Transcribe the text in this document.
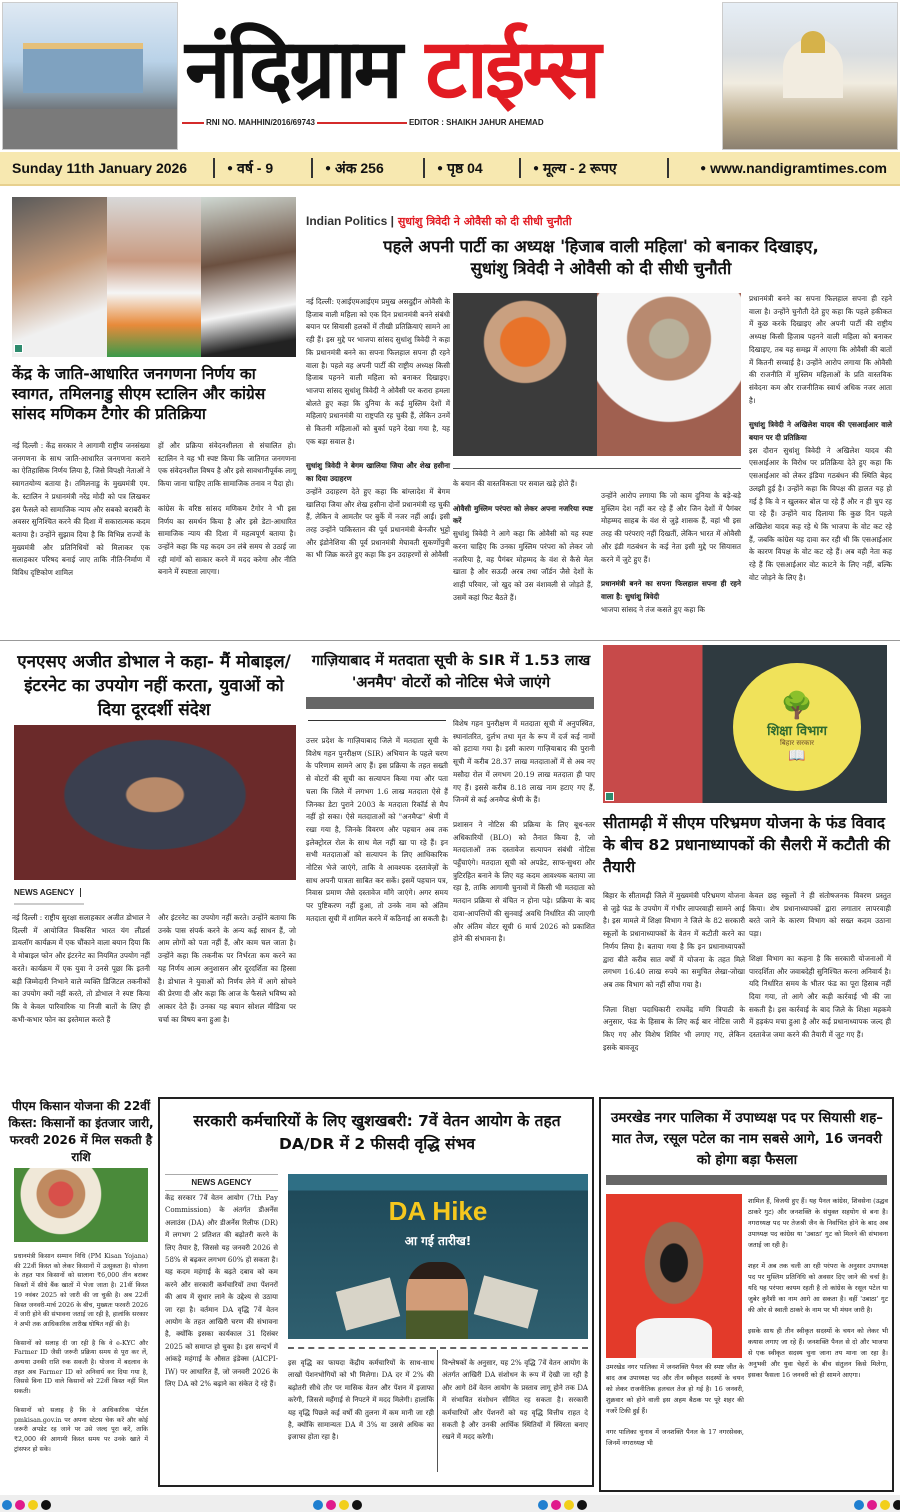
नंदिग्राम टाईम्स
RNI NO. MAHHIN/2016/69743	EDITOR : SHAIKH JAHUR AHEMAD
Sunday 11th January 2026	● वर्ष - 9	● अंक 256	● पृष्ठ 04	● मूल्य - 2 रूपए	● www.nandigramtimes.com
केंद्र के जाति-आधारित जनगणना निर्णय का स्वागत, तमिलनाडु सीएम स्टालिन और कांग्रेस सांसद मणिकम टैगोर की प्रतिक्रिया

नई दिल्ली : केंद्र सरकार ने आगामी राष्ट्रीय जनसंख्या जनगणना के साथ जाति-आधारित जनगणना कराने का ऐतिहासिक निर्णय लिया है, जिसे विपक्षी नेताओं ने स्वागतयोग्य बताया है। तमिलनाडु के मुख्यमंत्री एम. के. स्टालिन ने प्रधानमंत्री नरेंद्र मोदी को पत्र लिखकर इस फैसले को सामाजिक न्याय और सबको बराबरी के अवसर सुनिश्चित करने की दिशा में सकारात्मक कदम बताया है। उन्होंने सुझाव दिया है कि विभिन्न राज्यों के मुख्यमंत्री और प्रतिनिधियों को मिलाकर एक सलाहकार परिषद बनाई जाए ताकि नीति-निर्माण में विविध दृष्टिकोण शामिल

हों और प्रक्रिया संवेदनशीलता से संचालित हो। स्टालिन ने यह भी स्पष्ट किया कि जातिगत जनगणना एक संवेदनशील विषय है और इसे सावधानीपूर्वक लागू किया जाना चाहिए ताकि सामाजिक तनाव न पैदा हो।

कांग्रेस के वरिष्ठ सांसद मणिकम टैगोर ने भी इस निर्णय का समर्थन किया है और इसे डेटा-आधारित सामाजिक न्याय की दिशा में महत्वपूर्ण बताया है। उन्होंने कहा कि यह कदम उन लंबे समय से उठाई जा रही मांगों को साकार करने में मदद करेगा और नीति बनाने में स्पष्टता लाएगा।

Indian Politics | सुधांशु त्रिवेदी ने ओवैसी को दी सीधी चुनौती
पहले अपनी पार्टी का अध्यक्ष 'हिजाब वाली महिला' को बनाकर दिखाइए,
सुधांशु त्रिवेदी ने ओवैसी को दी सीधी चुनौती

नई दिल्ली: एआईएमआईएम प्रमुख असदुद्दीन ओवैसी के हिजाब वाली महिला को एक दिन प्रधानमंत्री बनने संबंधी बयान पर सियासी हलकों में तीखी प्रतिक्रियाएं सामने आ रही हैं। इस मुद्दे पर भाजपा सांसद सुधांशु त्रिवेदी ने कहा कि प्रधानमंत्री बनने का सपना फिलहाल सपना ही रहने वाला है। पहले वह अपनी पार्टी की राष्ट्रीय अध्यक्ष किसी हिजाब पहनने वाली महिला को बनाकर दिखाइए। भाजपा सांसद सुधांशु त्रिवेदी ने ओवैसी पर करारा हमला बोलते हुए कहा कि दुनिया के कई मुस्लिम देशों में महिलाएं प्रधानमंत्री या राष्ट्रपति रह चुकी हैं, लेकिन उनमें से कितनी महिलाओं को बुर्का पहने देखा गया है, यह एक बड़ा सवाल है।

सुधांशु त्रिवेदी ने बेगम खालिया जिया और शेख हसीना का दिया उदाहरण

उन्होंने उदाहरण देते हुए कहा कि बांग्लादेश में बेगम खालिदा जिया और शेख हसीना दोनों प्रधानमंत्री रह चुकी हैं, लेकिन वे आमतौर पर बुर्के में नजर नहीं आईं। इसी तरह उन्होंने पाकिस्तान की पूर्व प्रधानमंत्री बेनजीर भुट्टो और इंडोनेशिया की पूर्व प्रधानमंत्री मेघावती सुकर्णोपुत्री का भी जिक्र करते हुए कहा कि इन उदाहरणों से ओवैसी

के बयान की वास्तविकता पर सवाल खड़े होते हैं।

ओवैसी मुस्लिम परंपरा को लेकर अपना नजरिया स्पष्ट करें

सुधांशु त्रिवेदी ने आगे कहा कि ओवैसी को यह स्पष्ट करना चाहिए कि उनका मुस्लिम परंपरा को लेकर जो नजरिया है, वह पैगंबर मोहम्मद के वंश से कैसे मेल खाता है और सऊदी अरब तथा जॉर्डन जैसे देशों के शाही परिवार, जो खुद को उस वंशावली से जोड़ते हैं, उसमें कहां फिट बैठते हैं।

उन्होंने आरोप लगाया कि जो काम दुनिया के बड़े-बड़े मुस्लिम देश नहीं कर रहे हैं और जिन देशों में पैगंबर मोहम्मद साहब के वंश से जुड़े शासक हैं, वहां भी इस तरह की परंपराएं नहीं दिखतीं, लेकिन भारत में ओवैसी और इंडी गठबंधन के कई नेता इसी मुद्दे पर सियासत करने में जुटे हुए हैं।

प्रधानमंत्री बनने का सपना फिलहाल सपना ही रहने वाला है: सुधांशु त्रिवेदी

भाजपा सांसद ने तंज कसते हुए कहा कि

प्रधानमंत्री बनने का सपना फिलहाल सपना ही रहने वाला है। उन्होंने चुनौती देते हुए कहा कि पहले हकीकत में कुछ करके दिखाइए और अपनी पार्टी की राष्ट्रीय अध्यक्ष किसी हिजाब पहनने वाली महिला को बनाकर दिखाइए, तब यह समझ में आएगा कि ओवैसी की बातों में कितनी सच्चाई है। उन्होंने आरोप लगाया कि ओवैसी की राजनीति में मुस्लिम महिलाओं के प्रति वास्तविक संवेदना कम और राजनीतिक स्वार्थ अधिक नजर आता है।

सुधांशु त्रिवेदी ने अखिलेश यादव की एसआईआर वाले बयान पर दी प्रतिक्रिया

इस दौरान सुधांशु त्रिवेदी ने अखिलेश यादव की एसआईआर के विरोध पर प्रतिक्रिया देते हुए कहा कि एसआईआर को लेकर इंडिया गठबंधन की स्थिति बेहद उलझी हुई है। उन्होंने कहा कि विपक्ष की हालत यह हो गई है कि वे न खुलकर बोल पा रहे हैं और न ही चुप रह पा रहे हैं। उन्होंने याद दिलाया कि कुछ दिन पहले अखिलेश यादव कह रहे थे कि भाजपा के वोट कट रहे हैं, जबकि कांग्रेस यह दावा कर रही थी कि एसआईआर के कारण विपक्ष के वोट कट रहे हैं। अब वही नेता कह रहे हैं कि एसआईआर वोट काटने के लिए नहीं, बल्कि वोट जोड़ने के लिए है।

एनएसए अजीत डोभाल ने कहा- मैं मोबाइल/इंटरनेट का उपयोग नहीं करता, युवाओं को दिया दूरदर्शी संदेश
NEWS AGENCY

नई दिल्ली : राष्ट्रीय सुरक्षा सलाहकार अजीत डोभाल ने दिल्ली में आयोजित विकसित भारत यंग लीडर्स डायलॉग कार्यक्रम में एक चौंकाने वाला बयान दिया कि वे मोबाइल फोन और इंटरनेट का नियमित उपयोग नहीं करते। कार्यक्रम में एक युवा ने उनसे पूछा कि इतनी बड़ी जिम्मेदारी निभाने वाले व्यक्ति डिजिटल तकनीकों का उपयोग क्यों नहीं करते, तो डोभाल ने स्पष्ट किया कि वे केवल पारिवारिक या निजी बातों के लिए ही कभी-कभार फोन का इस्तेमाल करते हैं

और इंटरनेट का उपयोग नहीं करते। उन्होंने बताया कि उनके पास संपर्क करने के अन्य कई साधन हैं, जो आम लोगों को पता नहीं हैं, और काम चल जाता है। उन्होंने कहा कि तकनीक पर निर्भरता कम करने का यह निर्णय आत्म अनुशासन और दूरदर्शिता का हिस्सा है। डोभाल ने युवाओं को निर्णय लेने में आगे सोचने की प्रेरणा दी और कहा कि आज के फैसले भविष्य को आकार देते हैं। उनका यह बयान सोशल मीडिया पर चर्चा का विषय बना हुआ है।

गाज़ियाबाद में मतदाता सूची के SIR में 1.53 लाख 'अनमैप' वोटरों को नोटिस भेजे जाएंगे

उत्तर प्रदेश के गाज़ियाबाद जिले में मतदाता सूची के विशेष गहन पुनरीक्षण (SIR) अभियान के पहले चरण के परिणाम सामने आए हैं। इस प्रक्रिया के तहत सख्ती से वोटरों की सूची का सत्यापन किया गया और पता चला कि जिले में लगभग 1.6 लाख मतदाता ऐसे हैं जिनका डेटा पुराने 2003 के मतदाता रिकॉर्ड से मैप नहीं हो सका। ऐसे मतदाताओं को "अनमैप्ड" श्रेणी में रखा गया है, जिनके विवरण और पहचान अब तक इलेक्ट्रोरल रोल के साथ मेल नहीं खा पा रहे हैं। इन सभी मतदाताओं को सत्यापन के लिए आधिकारिक नोटिस भेजे जाएंगे, ताकि वे आवश्यक दस्तावेज़ों के साथ अपनी पात्रता साबित कर सकें। इसमें पहचान पत्र, निवास प्रमाण जैसे दस्तावेज माँगे जाएंगे। अगर समय पर पुष्टिकरण नहीं हुआ, तो उनके नाम को अंतिम मतदाता सूची में शामिल करने में कठिनाई आ सकती है।

विशेष गहन पुनरीक्षण में मतदाता सूची में अनुपस्थित, स्थानांतरित, दुर्लभ तथा मृत के रूप में दर्ज कई नामों को हटाया गया है। इसी कारण गाज़ियाबाद की पुरानी सूची में करीब 28.37 लाख मतदाताओं में से अब नए मसौदा रोल में लगभग 20.19 लाख मतदाता ही पाए गए हैं। इससे करीब 8.18 लाख नाम हटाए गए हैं, जिनमें से कई अनमैप्ड श्रेणी के हैं।

प्रशासन ने नोटिस की प्रक्रिया के लिए बूथ-स्तर अधिकारियों (BLO) को तैनात किया है, जो मतदाताओं तक दस्तावेज सत्यापन संबंधी नोटिस पहुँचाएंगे। मतदाता सूची को अपडेट, साफ-सुथरा और त्रुटिरहित बनाने के लिए यह कदम आवश्यक बताया जा रहा है, ताकि आगामी चुनावों में किसी भी मतदाता को मतदान प्रक्रिया से वंचित न होना पड़े। प्रक्रिया के बाद दावा-आपत्तियों की सुनवाई अवधि निर्धारित की जाएगी और अंतिम वोटर सूची 6 मार्च 2026 को प्रकाशित होने की संभावना है।

🌳
शिक्षा विभाग
बिहार सरकार
📖
सीतामढ़ी में सीएम परिभ्रमण योजना के फंड विवाद के बीच 82 प्रधानाध्यापकों की सैलरी में कटौती की तैयारी

बिहार के सीतामढ़ी जिले में मुख्यमंत्री परिभ्रमण योजना से जुड़े फंड के उपयोग में गंभीर लापरवाही सामने आई है। इस मामले में शिक्षा विभाग ने जिले के 82 सरकारी स्कूलों के प्रधानाध्यापकों के वेतन में कटौती करने का निर्णय लिया है। बताया गया है कि इन प्रधानाध्यापकों द्वारा बीते करीब सात वर्षों में योजना के तहत मिले लगभग 16.40 लाख रुपये का समुचित लेखा-जोखा अब तक विभाग को नहीं सौंपा गया है।

जिला शिक्षा पदाधिकारी राघवेंद्र मणि त्रिपाठी के अनुसार, फंड के हिसाब के लिए कई बार नोटिस जारी किए गए और विशेष शिविर भी लगाए गए, लेकिन इसके बावजूद

केवल छह स्कूलों ने ही संतोषजनक विवरण प्रस्तुत किया। शेष प्रधानाध्यापकों द्वारा लगातार लापरवाही बरते जाने के कारण विभाग को सख्त कदम उठाना पड़ा।

शिक्षा विभाग का कहना है कि सरकारी योजनाओं में पारदर्शिता और जवाबदेही सुनिश्चित करना अनिवार्य है। यदि निर्धारित समय के भीतर फंड का पूरा हिसाब नहीं दिया गया, तो आगे और कड़ी कार्रवाई भी की जा सकती है। इस कार्रवाई के बाद जिले के शिक्षा महकमे में हड़कंप मचा हुआ है और कई प्रधानाध्यापक जल्द ही दस्तावेज जमा करने की तैयारी में जुट गए हैं।

पीएम किसान योजना की 22वीं किस्त: किसानों का इंतजार जारी, फरवरी 2026 में मिल सकती है राशि

प्रधानमंत्री किसान सम्मान निधि (PM Kisan Yojana) की 22वीं किस्त को लेकर किसानों में उत्सुकता है। योजना के तहत पात्र किसानों को सालाना ₹6,000 तीन बराबर किस्तों में सीधे बैंक खातों में भेजा जाता है। 21वीं किस्त 19 नवंबर 2025 को जारी की जा चुकी है। अब 22वीं किस्त जनवरी-मार्च 2026 के बीच, मुख्यतः फरवरी 2026 में जारी होने की संभावना जताई जा रही है, हालांकि सरकार ने अभी तक आधिकारिक तारीख घोषित नहीं की है।

किसानों को सलाह दी जा रही है कि वे e-KYC और Farmer ID जैसी जरूरी प्रक्रिया समय से पूरा कर लें, अन्यथा उनकी राशि रुक सकती है। योजना में बदलाव के तहत अब Farmer ID को अनिवार्य कर दिया गया है, जिससे बिना ID वाले किसानों को 22वीं किस्त नहीं मिल सकती।

किसानों को सलाह है कि वे आधिकारिक पोर्टल pmkisan.gov.in पर अपना स्टेटस चेक करें और कोई जरूरी अपडेट रह जाने पर उसे जल्द पूरा करें, ताकि ₹2,000 की आगामी किस्त समय पर उनके खाते में ट्रांसफर हो सके।

सरकारी कर्मचारियों के लिए खुशखबरी: 7वें वेतन आयोग के तहत DA/DR में 2 फीसदी वृद्धि संभव
NEWS AGENCY

केंद्र सरकार 7वें वेतन आयोग (7th Pay Commission) के अंतर्गत डीअर्नेस अलाउंस (DA) और डीअर्नेस रिलीफ (DR) में लगभग 2 प्रतिशत की बढ़ोतरी करने के लिए तैयार है, जिससे यह जनवरी 2026 से 58% से बढ़कर लगभग 60% हो सकता है। यह कदम महंगाई के बढ़ते दबाव को कम करने और सरकारी कर्मचारियों तथा पेंशनरों की आय में सुधार लाने के उद्देश्य से उठाया जा रहा है। वर्तमान DA वृद्धि 7वें वेतन आयोग के तहत आखिरी चरण की संभावना है, क्योंकि इसका कार्यकाल 31 दिसंबर 2025 को समाप्त हो चुका है। इस सन्दर्भ में आंकड़े महंगाई के औसत इंडेक्स (AICPI-IW) पर आधारित हैं, जो जनवरी 2026 के लिए DA को 2% बढ़ाने का संकेत दे रहे हैं।

DA Hike
आ गई तारीख!

इस वृद्धि का फायदा केंद्रीय कर्मचारियों के साथ-साथ लाखों पेंशनभोगियों को भी मिलेगा। DA दर में 2% की बढ़ोतरी सीधे तौर पर मासिक वेतन और पेंशन में इजाफा करेगी, जिससे महँगाई से निपटने में मदद मिलेगी। हालांकि यह वृद्धि पिछले कई वर्षों की तुलना में कम मानी जा रही है, क्योंकि सामान्यतः DA में 3% या उससे अधिक का इजाफा होता रहा है।

विश्लेषकों के अनुसार, यह 2% वृद्धि 7वें वेतन आयोग के अंतर्गत आखिरी DA संशोधन के रूप में देखी जा रही है और आगे 8वें वेतन आयोग के प्रस्ताव लागू होने तक DA में संभावित संशोधन सीमित रह सकता है। सरकारी कर्मचारियों और पेंशनरों को यह वृद्धि वित्तीय राहत दे सकती है और उनकी आर्थिक स्थितियों में स्थिरता बनाए रखने में मदद करेगी।

उमरखेड नगर पालिका में उपाध्यक्ष पद पर सियासी शह–मात तेज, रसूल पटेल का नाम सबसे आगे, 16 जनवरी को होगा बड़ा फैसला

उमरखेड नगर पालिका में जनशक्ति पैनल की स्पष्ट जीत के बाद अब उपाध्यक्ष पद और तीन स्वीकृत सदस्यों के चयन को लेकर राजनीतिक हलचल तेज हो गई है। 16 जनवरी, शुक्रवार को होने वाली इस अहम बैठक पर पूरे शहर की नजरें टिकी हुई हैं।

नगर पालिका चुनाव में जनशक्ति पैनल के 17 नगरसेवक, जिनमें नगराध्यक्ष भी

शामिल हैं, विजयी हुए हैं। यह पैनल कांग्रेस, शिवसेना (उद्धव ठाकरे गुट) और जनशक्ति के संयुक्त सहयोग से बना है। नगराध्यक्ष पद पर तेजश्री जैन के निर्वाचित होने के बाद अब उपाध्यक्ष पद कांग्रेस या 'उबाठा' गुट को मिलने की संभावना जताई जा रही है।

शहर में अब तक चली आ रही परंपरा के अनुसार उपाध्यक्ष पद पर मुस्लिम प्रतिनिधि को अवसर दिए जाने की चर्चा है। यदि यह परंपरा कायम रहती है तो कांग्रेस के रसूल पटेल या जुबेर कुरैशी का नाम आगे आ सकता है। वहीं 'उबाठा' गुट की ओर से स्वाती ठाकरे के नाम पर भी मंथन जारी है।

इसके साथ ही तीन स्वीकृत सदस्यों के चयन को लेकर भी कयास लगाए जा रहे हैं। जनशक्ति पैनल से दो और भाजपा से एक स्वीकृत सदस्य चुना जाना तय माना जा रहा है। अनुभवी और युवा चेहरों के बीच संतुलन किसे मिलेगा, इसका फैसला 16 जनवरी को ही सामने आएगा।
